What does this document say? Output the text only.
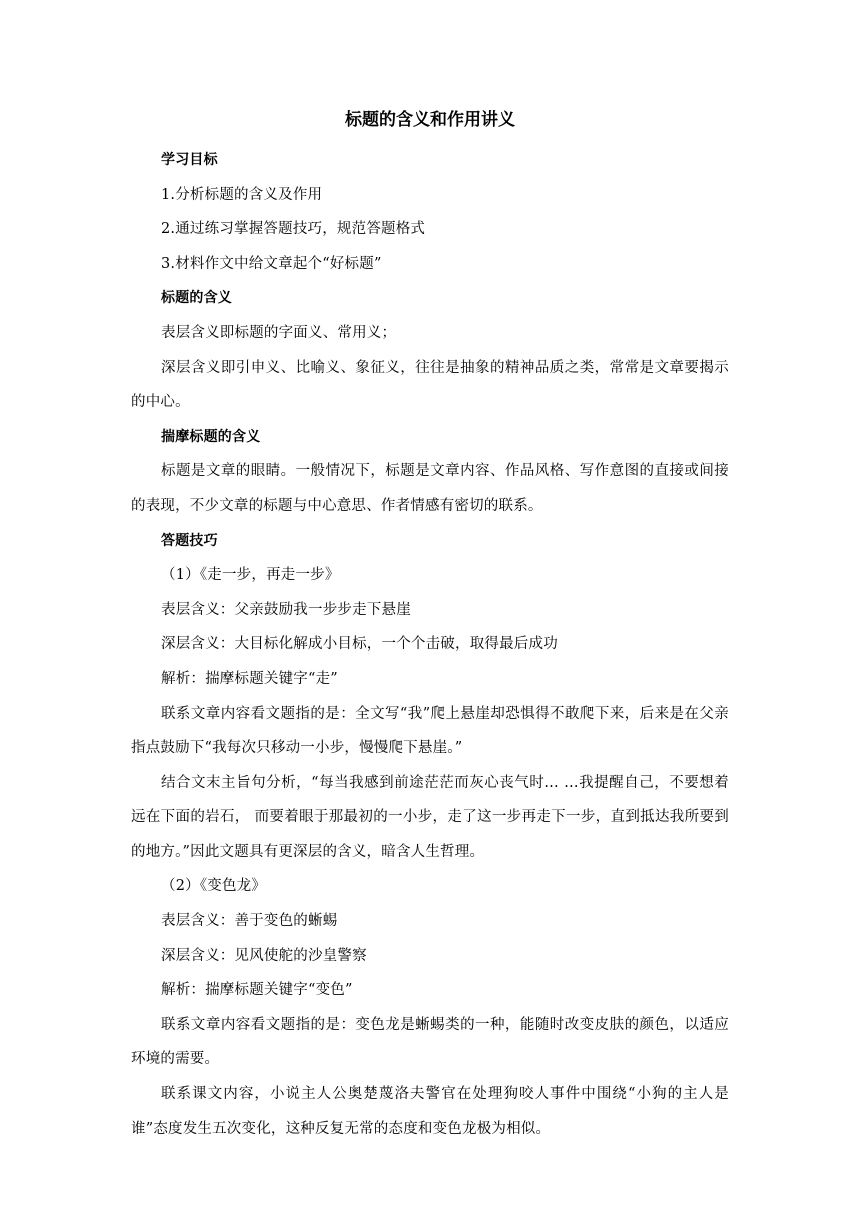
标题的含义和作用讲义

学习目标

1.分析标题的含义及作用

2.通过练习掌握答题技巧，规范答题格式

3.材料作文中给文章起个“好标题”

标题的含义

表层含义即标题的字面义、常用义；

深层含义即引申义、比喻义、象征义，往往是抽象的精神品质之类，常常是文章要揭示的中心。

揣摩标题的含义

标题是文章的眼睛。一般情况下，标题是文章内容、作品风格、写作意图的直接或间接的表现，不少文章的标题与中心意思、作者情感有密切的联系。

答题技巧

（1）《走一步，再走一步》

表层含义：父亲鼓励我一步步走下悬崖

深层含义：大目标化解成小目标，一个个击破，取得最后成功

解析：揣摩标题关键字“走”

联系文章内容看文题指的是：全文写“我”爬上悬崖却恐惧得不敢爬下来，后来是在父亲指点鼓励下“我每次只移动一小步，慢慢爬下悬崖。”

结合文末主旨句分析，“每当我感到前途茫茫而灰心丧气时… …我提醒自己，不要想着远在下面的岩石， 而要着眼于那最初的一小步，走了这一步再走下一步，直到抵达我所要到的地方。”因此文题具有更深层的含义，暗含人生哲理。

（2）《变色龙》

表层含义：善于变色的蜥蜴

深层含义：见风使舵的沙皇警察

解析：揣摩标题关键字“变色”

联系文章内容看文题指的是：变色龙是蜥蜴类的一种，能随时改变皮肤的颜色，以适应环境的需要。

联系课文内容，小说主人公奥楚蔑洛夫警官在处理狗咬人事件中围绕“小狗的主人是谁”态度发生五次变化，这种反复无常的态度和变色龙极为相似。
